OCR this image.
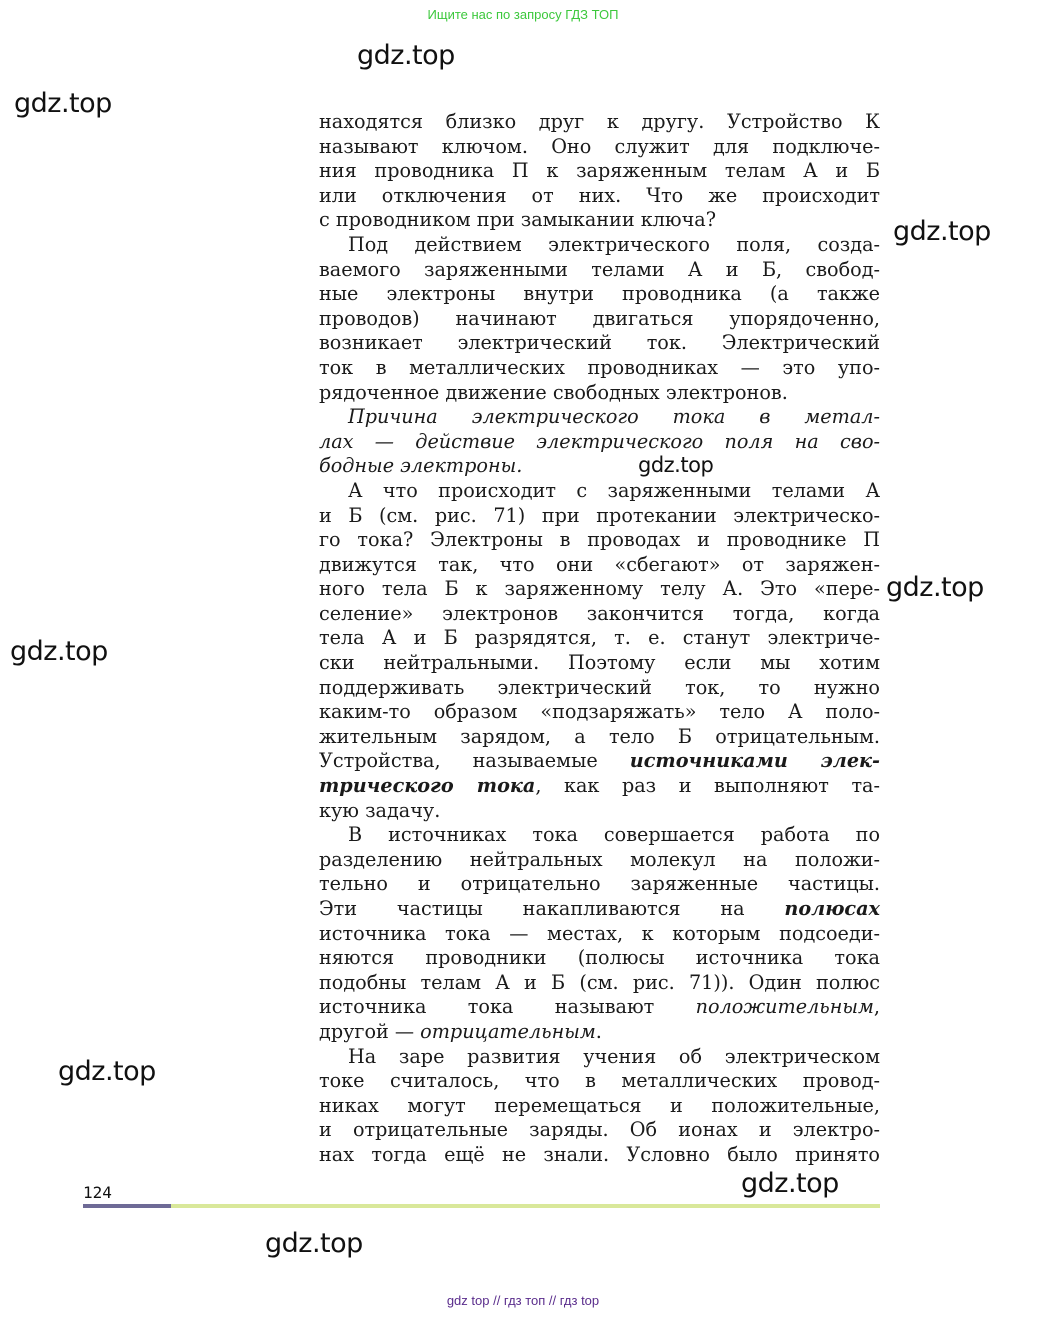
Ищите нас по запросу ГДЗ ТОП
gdz.top
gdz.top
gdz.top
gdz.top
gdz.top
gdz.top
gdz.top
gdz.top
gdz.top
находятся близко друг к другу. Устройство К
называют ключом. Оно служит для подключе-
ния проводника П к заряженным телам А и Б
или отключения от них. Что же происходит
с проводником при замыкании ключа?
Под действием электрического поля, созда-
ваемого заряженными телами А и Б, свобод-
ные электроны внутри проводника (а также
проводов) начинают двигаться упорядоченно,
возникает электрический ток. Электрический
ток в металлических проводниках — это упо-
рядоченное движение свободных электронов.
Причина электрического тока в метал-
лах — действие электрического поля на сво-
бодные электроны.
А что происходит с заряженными телами А
и Б (см. рис. 71) при протекании электрическо-
го тока? Электроны в проводах и проводнике П
движутся так, что они «сбегают» от заряжен-
ного тела Б к заряженному телу А. Это «пере-
селение» электронов закончится тогда, когда
тела А и Б разрядятся, т. е. станут электриче-
ски нейтральными. Поэтому если мы хотим
поддерживать электрический ток, то нужно
каким-то образом «подзаряжать» тело А поло-
жительным зарядом, а тело Б отрицательным.
Устройства, называемые источниками элек-
трического тока, как раз и выполняют та-
кую задачу.
В источниках тока совершается работа по
разделению нейтральных молекул на положи-
тельно и отрицательно заряженные частицы.
Эти частицы накапливаются на полюсах
источника тока — местах, к которым подсоеди-
няются проводники (полюсы источника тока
подобны телам А и Б (см. рис. 71)). Один полюс
источника тока называют положительным,
другой — отрицательным.
На заре развития учения об электрическом
токе считалось, что в металлических провод-
никах могут перемещаться и положительные,
и отрицательные заряды. Об ионах и электро-
нах тогда ещё не знали. Условно было принято
124
gdz top // гдз топ // гдз top
